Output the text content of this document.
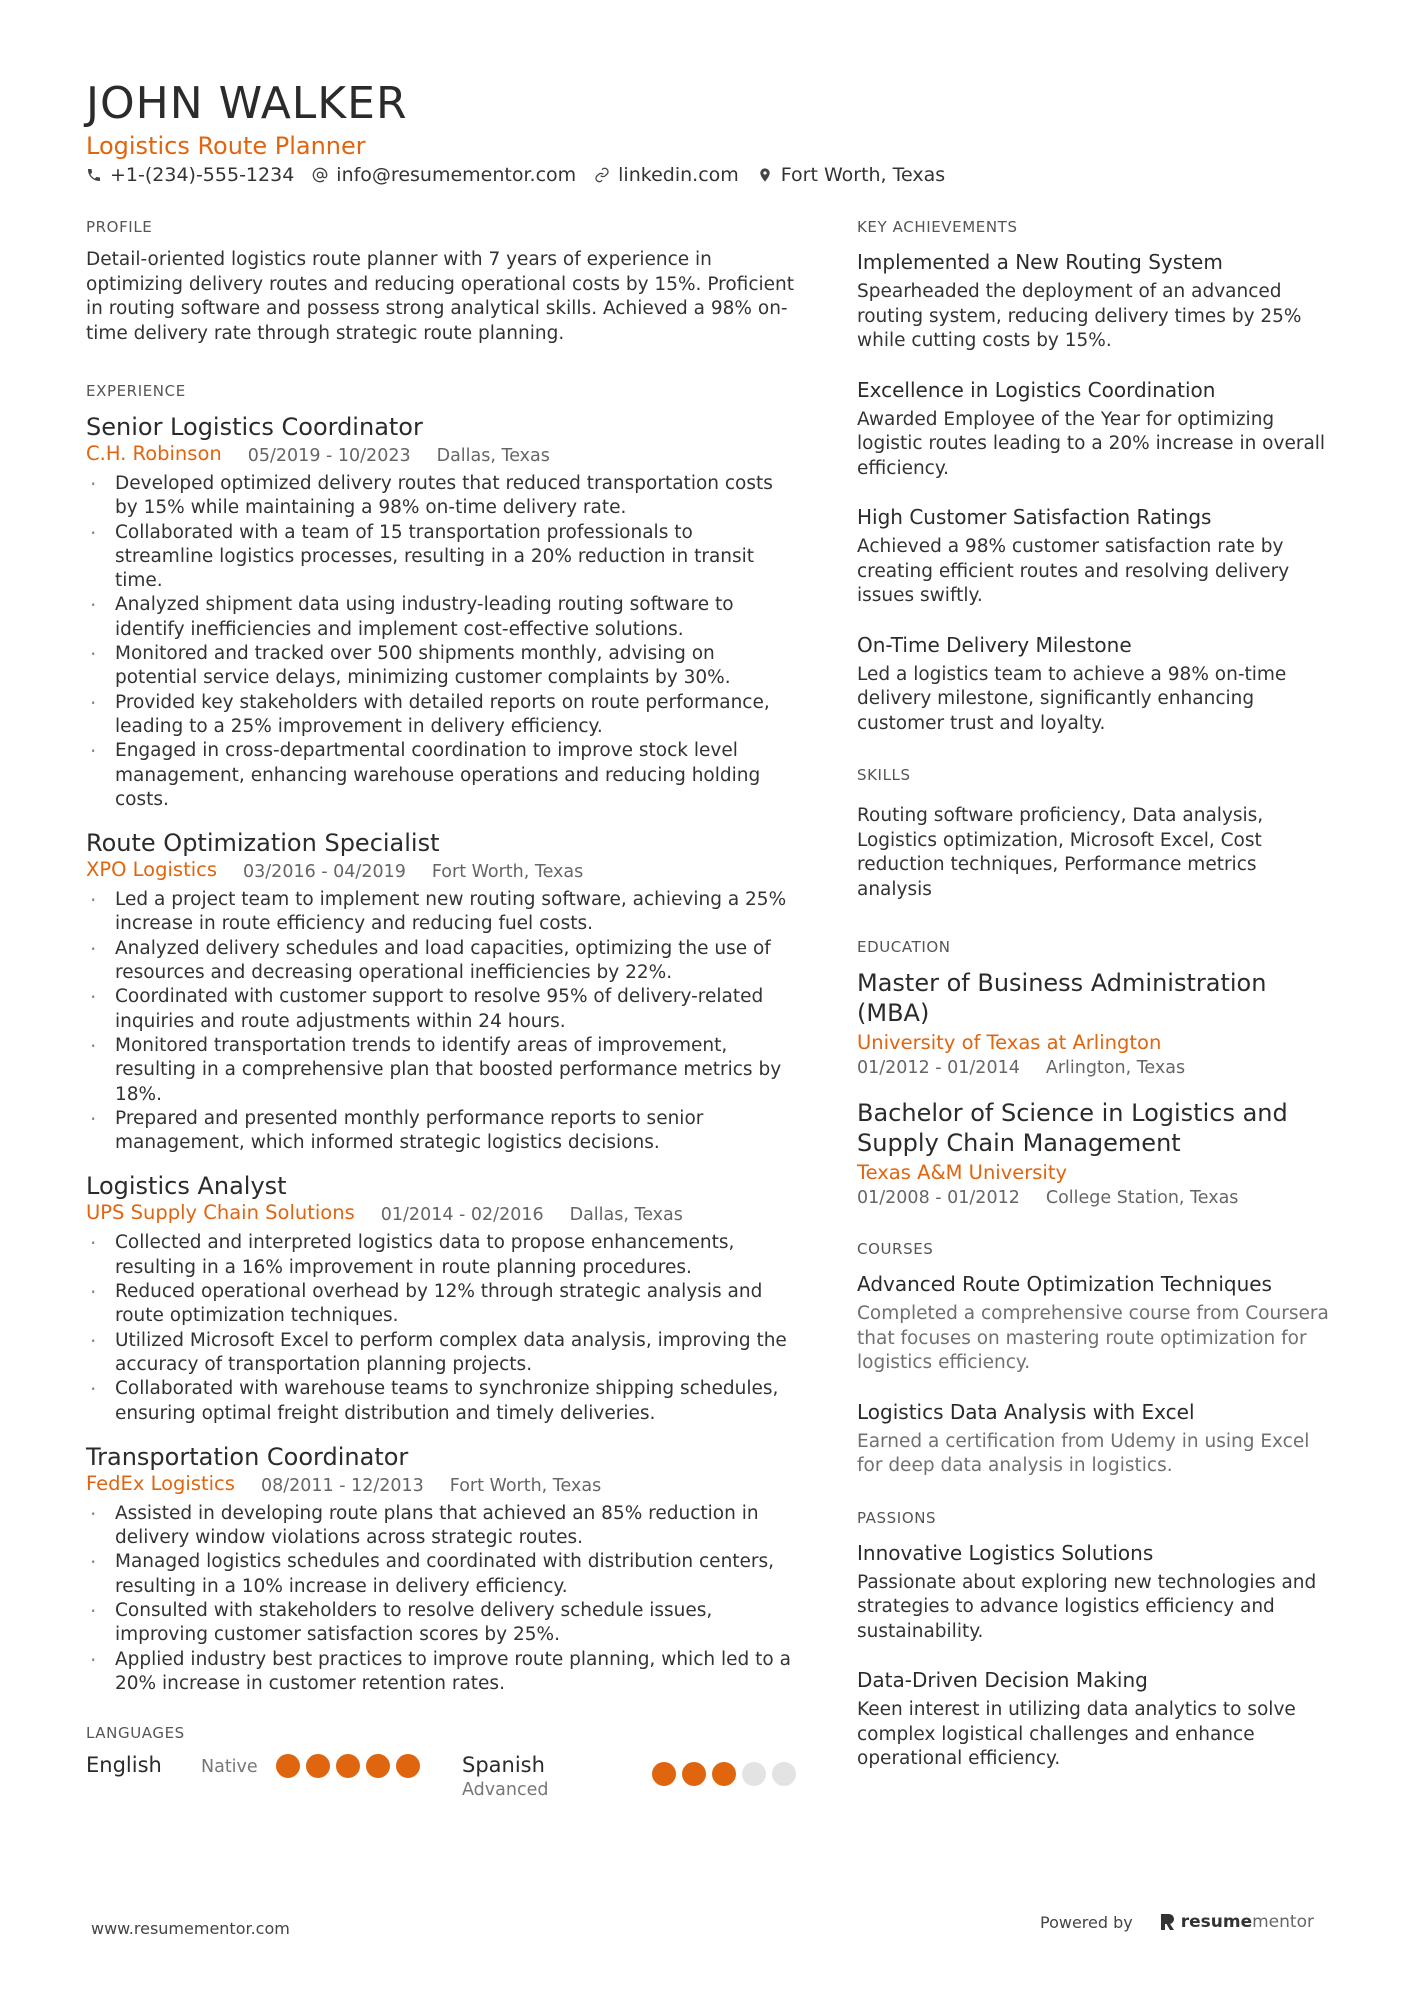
JOHN WALKER
Logistics Route Planner
+1-(234)-555-1234 info@resumementor.com linkedin.com Fort Worth, Texas
PROFILE

Detail-oriented logistics route planner with 7 years of experience in optimizing delivery routes and reducing operational costs by 15%. Proficient in routing software and possess strong analytical skills. Achieved a 98% on-time delivery rate through strategic route planning.

EXPERIENCE
Senior Logistics Coordinator
C.H. Robinson 05/2019 - 10/2023 Dallas, Texas
· Developed optimized delivery routes that reduced transportation costs by 15% while maintaining a 98% on-time delivery rate.
· Collaborated with a team of 15 transportation professionals to streamline logistics processes, resulting in a 20% reduction in transit time.
· Analyzed shipment data using industry-leading routing software to identify inefficiencies and implement cost-effective solutions.
· Monitored and tracked over 500 shipments monthly, advising on potential service delays, minimizing customer complaints by 30%.
· Provided key stakeholders with detailed reports on route performance, leading to a 25% improvement in delivery efficiency.
· Engaged in cross-departmental coordination to improve stock level management, enhancing warehouse operations and reducing holding costs.
Route Optimization Specialist
XPO Logistics 03/2016 - 04/2019 Fort Worth, Texas
· Led a project team to implement new routing software, achieving a 25% increase in route efficiency and reducing fuel costs.
· Analyzed delivery schedules and load capacities, optimizing the use of resources and decreasing operational inefficiencies by 22%.
· Coordinated with customer support to resolve 95% of delivery-related inquiries and route adjustments within 24 hours.
· Monitored transportation trends to identify areas of improvement, resulting in a comprehensive plan that boosted performance metrics by 18%.
· Prepared and presented monthly performance reports to senior management, which informed strategic logistics decisions.
Logistics Analyst
UPS Supply Chain Solutions 01/2014 - 02/2016 Dallas, Texas
· Collected and interpreted logistics data to propose enhancements, resulting in a 16% improvement in route planning procedures.
· Reduced operational overhead by 12% through strategic analysis and route optimization techniques.
· Utilized Microsoft Excel to perform complex data analysis, improving the accuracy of transportation planning projects.
· Collaborated with warehouse teams to synchronize shipping schedules, ensuring optimal freight distribution and timely deliveries.
Transportation Coordinator
FedEx Logistics 08/2011 - 12/2013 Fort Worth, Texas
· Assisted in developing route plans that achieved an 85% reduction in delivery window violations across strategic routes.
· Managed logistics schedules and coordinated with distribution centers, resulting in a 10% increase in delivery efficiency.
· Consulted with stakeholders to resolve delivery schedule issues, improving customer satisfaction scores by 25%.
· Applied industry best practices to improve route planning, which led to a 20% increase in customer retention rates.
LANGUAGES
English	Native	Spanish
Advanced
KEY ACHIEVEMENTS
Implemented a New Routing System
Spearheaded the deployment of an advanced routing system, reducing delivery times by 25% while cutting costs by 15%.
Excellence in Logistics Coordination
Awarded Employee of the Year for optimizing logistic routes leading to a 20% increase in overall efficiency.
High Customer Satisfaction Ratings
Achieved a 98% customer satisfaction rate by creating efficient routes and resolving delivery issues swiftly.
On-Time Delivery Milestone
Led a logistics team to achieve a 98% on-time delivery milestone, significantly enhancing customer trust and loyalty.
SKILLS

Routing software proficiency, Data analysis, Logistics optimization, Microsoft Excel, Cost reduction techniques, Performance metrics analysis

EDUCATION
Master of Business Administration (MBA)
University of Texas at Arlington
01/2012 - 01/2014 Arlington, Texas
Bachelor of Science in Logistics and Supply Chain Management
Texas A&M University
01/2008 - 01/2012 College Station, Texas
COURSES
Advanced Route Optimization Techniques
Completed a comprehensive course from Coursera that focuses on mastering route optimization for logistics efficiency.
Logistics Data Analysis with Excel
Earned a certification from Udemy in using Excel for deep data analysis in logistics.
PASSIONS
Innovative Logistics Solutions
Passionate about exploring new technologies and strategies to advance logistics efficiency and sustainability.
Data-Driven Decision Making
Keen interest in utilizing data analytics to solve complex logistical challenges and enhance operational efficiency.
www.resumementor.com	Powered by	resumementor
